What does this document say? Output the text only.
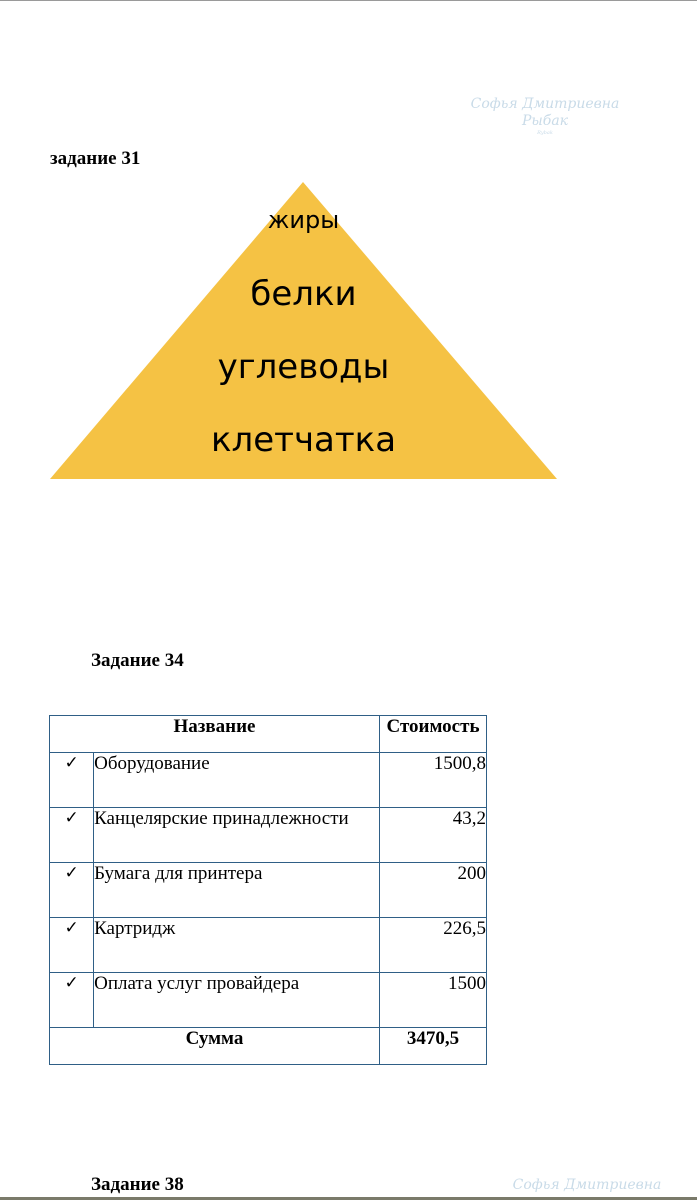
Софья Дмитриевна
Рыбак
Rybak
задание 31
жиры
белки
углеводы
клетчатка
Задание 34
Название		Стоимость
✓	Оборудование	1500,8
✓	Канцелярские принадлежности	43,2
✓	Бумага для принтера	200
✓	Картридж	226,5
✓	Оплата услуг провайдера	1500
Сумма		3470,5
Задание 38	Софья Дмитриевна
